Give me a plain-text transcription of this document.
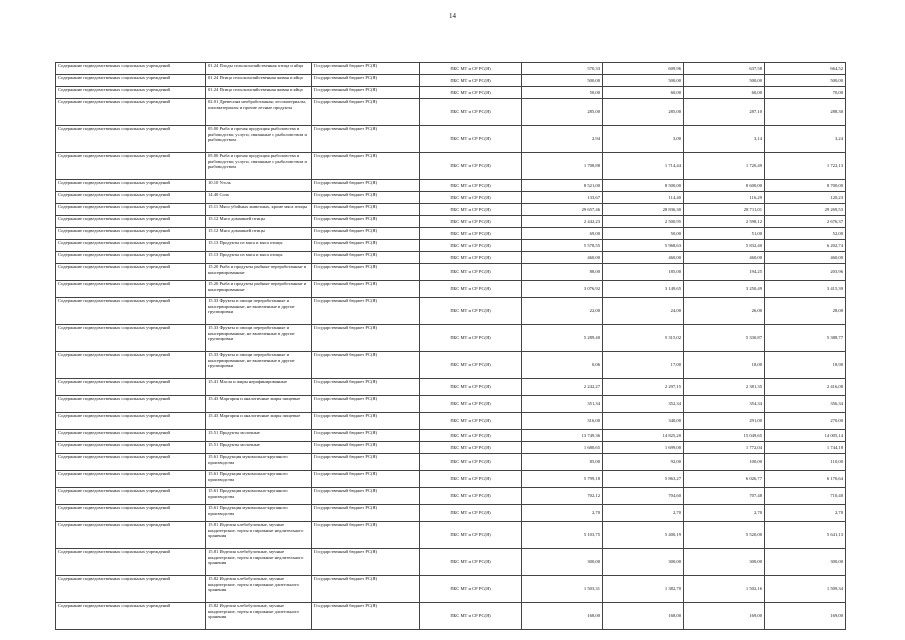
14
Содержание подведомственных социальных учреждений	01.24 Плоды сельскохозяйственная птица и яйца	Государственный бюджет РС(Я)	ПБС МТ и СР РС(Я)	570,33	609,96	637,58	664,52
Содержание подведомственных социальных учреждений	01.24 Птица сельскохозяйственная живая и яйца	Государственный бюджет РС(Я)	ПБС МТ и СР РС(Я)	500,00	500,00	500,00	500,00
Содержание подведомственных социальных учреждений	01.24 Птица сельскохозяйственная живая и яйца	Государственный бюджет РС(Я)	ПБС МТ и СР РС(Я)	50,00	60,00	60,00	70,00
Содержание подведомственных социальных учреждений	02.01 Древесина необработанная; лесоматериалы, пиломатериалы и прочие лесные продукты	Государственный бюджет РС(Я)	ПБС МТ и СР РС(Я)	285,00	285,00	287,10	288,30
Содержание подведомственных социальных учреждений	05.00 Рыба и прочая продукция рыболовства и рыбоводства; услуги, связанные с рыболовством и рыбоводством	Государственный бюджет РС(Я)	ПБС МТ и СР РС(Я)	2,94	3,00	3,14	3,24
Содержание подведомственных социальных учреждений	05.00 Рыба и прочая продукция рыболовства и рыбоводства; услуги, связанные с рыболовством и рыбоводством	Государственный бюджет РС(Я)	ПБС МТ и СР РС(Я)	1 708,88	1 714,44	1 720,49	1 722,13
Содержание подведомственных социальных учреждений	10.10 Уголь	Государственный бюджет РС(Я)	ПБС МТ и СР РС(Я)	8 521,00	8 500,00	8 600,00	8 700,00
Содержание подведомственных социальных учреждений	14.40 Соль	Государственный бюджет РС(Я)	ПБС МТ и СР РС(Я)	133,67	114,40	116,29	120,23
Содержание подведомственных социальных учреждений	15.11 Мясо убойных животных, кроме мяса птицы	Государственный бюджет РС(Я)	ПБС МТ и СР РС(Я)	29 657,46	28 836,30	28 711,01	29 269,53
Содержание подведомственных социальных учреждений	15.12 Мясо домашней птицы	Государственный бюджет РС(Я)	ПБС МТ и СР РС(Я)	2 442,23	2 500,95	2 598,12	2 676,37
Содержание подведомственных социальных учреждений	15.12 Мясо домашней птицы	Государственный бюджет РС(Я)	ПБС МТ и СР РС(Я)	69,00	50,00	51,00	52,00
Содержание подведомственных социальных учреждений	15.13 Продукты из мяса и мяса птицы	Государственный бюджет РС(Я)	ПБС МТ и СР РС(Я)	5 578,55	5 968,63	5 832,40	6 202,74
Содержание подведомственных социальных учреждений	15.13 Продукты из мяса и мяса птицы	Государственный бюджет РС(Я)	ПБС МТ и СР РС(Я)	460,00	460,00	460,00	460,00
Содержание подведомственных социальных учреждений	15.20 Рыба и продукты рыбные переработанные и консервированные	Государственный бюджет РС(Я)	ПБС МТ и СР РС(Я)	88,00	185,00	194,25	203,96
Содержание подведомственных социальных учреждений	15.20 Рыба и продукты рыбные переработанные и консервированные	Государственный бюджет РС(Я)	ПБС МТ и СР РС(Я)	3 076,92	3 149,65	3 250,49	3 415,39
Содержание подведомственных социальных учреждений	15.33 Фрукты и овощи переработанные и консервированные, не включенные в другие группировки	Государственный бюджет РС(Я)	ПБС МТ и СР РС(Я)	22,00	24,00	26,00	28,00
Содержание подведомственных социальных учреждений	15.33 Фрукты и овощи переработанные и консервированные, не включенные в другие группировки	Государственный бюджет РС(Я)	ПБС МТ и СР РС(Я)	5 289,40	5 315,02	5 330,87	5 388,77
Содержание подведомственных социальных учреждений	15.33 Фрукты и овощи переработанные и консервированные, не включенные в другие группировки	Государственный бюджет РС(Я)	ПБС МТ и СР РС(Я)	0,06	17,00	18,00	18,90
Содержание подведомственных социальных учреждений	15.41 Масла и жиры нерафинированные	Государственный бюджет РС(Я)	ПБС МТ и СР РС(Я)	2 242,27	2 297,15	2 381,35	2 416,08
Содержание подведомственных социальных учреждений	15.43 Маргарин и аналогичные жиры пищевые	Государственный бюджет РС(Я)	ПБС МТ и СР РС(Я)	351,34	352,34	354,34	356,34
Содержание подведомственных социальных учреждений	15.43 Маргарин и аналогичные жиры пищевые	Государственный бюджет РС(Я)	ПБС МТ и СР РС(Я)	316,00	340,00	291,00	270,00
Содержание подведомственных социальных учреждений	15.51 Продукты молочные	Государственный бюджет РС(Я)	ПБС МТ и СР РС(Я)	13 749,36	14 825,20	15 049,65	14 005,14
Содержание подведомственных социальных учреждений	15.51 Продукты молочные	Государственный бюджет РС(Я)	ПБС МТ и СР РС(Я)	1 680,65	1 699,00	1 772,04	1 744,18
Содержание подведомственных социальных учреждений	15.61 Продукция мукомольно-крупяного производства	Государственный бюджет РС(Я)	ПБС МТ и СР РС(Я)	85,00	92,00	100,00	110,00
Содержание подведомственных социальных учреждений	15.61 Продукция мукомольно-крупяного производства	Государственный бюджет РС(Я)	ПБС МТ и СР РС(Я)	5 799,18	5 863,27	6 026,77	6 176,64
Содержание подведомственных социальных учреждений	15.61 Продукция мукомольно-крупяного производства	Государственный бюджет РС(Я)	ПБС МТ и СР РС(Я)	702,12	704,60	707,48	710,40
Содержание подведомственных социальных учреждений	15.61 Продукция мукомольно-крупяного производства	Государственный бюджет РС(Я)	ПБС МТ и СР РС(Я)	2,70	2,70	2,70	2,70
Содержание подведомственных социальных учреждений	15.81 Изделия хлебобулочные, мучные кондитерские, торты и пирожные недлительного хранения	Государственный бюджет РС(Я)	ПБС МТ и СР РС(Я)	5 103,75	5 400,19	5 520,00	5 641,13
Содержание подведомственных социальных учреждений	15.81 Изделия хлебобулочные, мучные кондитерские, торты и пирожные недлительного хранения	Государственный бюджет РС(Я)	ПБС МТ и СР РС(Я)	300,00	300,00	300,00	300,00
Содержание подведомственных социальных учреждений	15.82 Изделия хлебобулочные, мучные кондитерские, торты и пирожные длительного хранения	Государственный бюджет РС(Я)	ПБС МТ и СР РС(Я)	1 503,31	1 382,70	1 502,16	1 509,34
Содержание подведомственных социальных учреждений	15.82 Изделия хлебобулочные, мучные кондитерские, торты и пирожные длительного хранения	Государственный бюджет РС(Я)	ПБС МТ и СР РС(Я)	168,00	168,00	169,00	169,00
